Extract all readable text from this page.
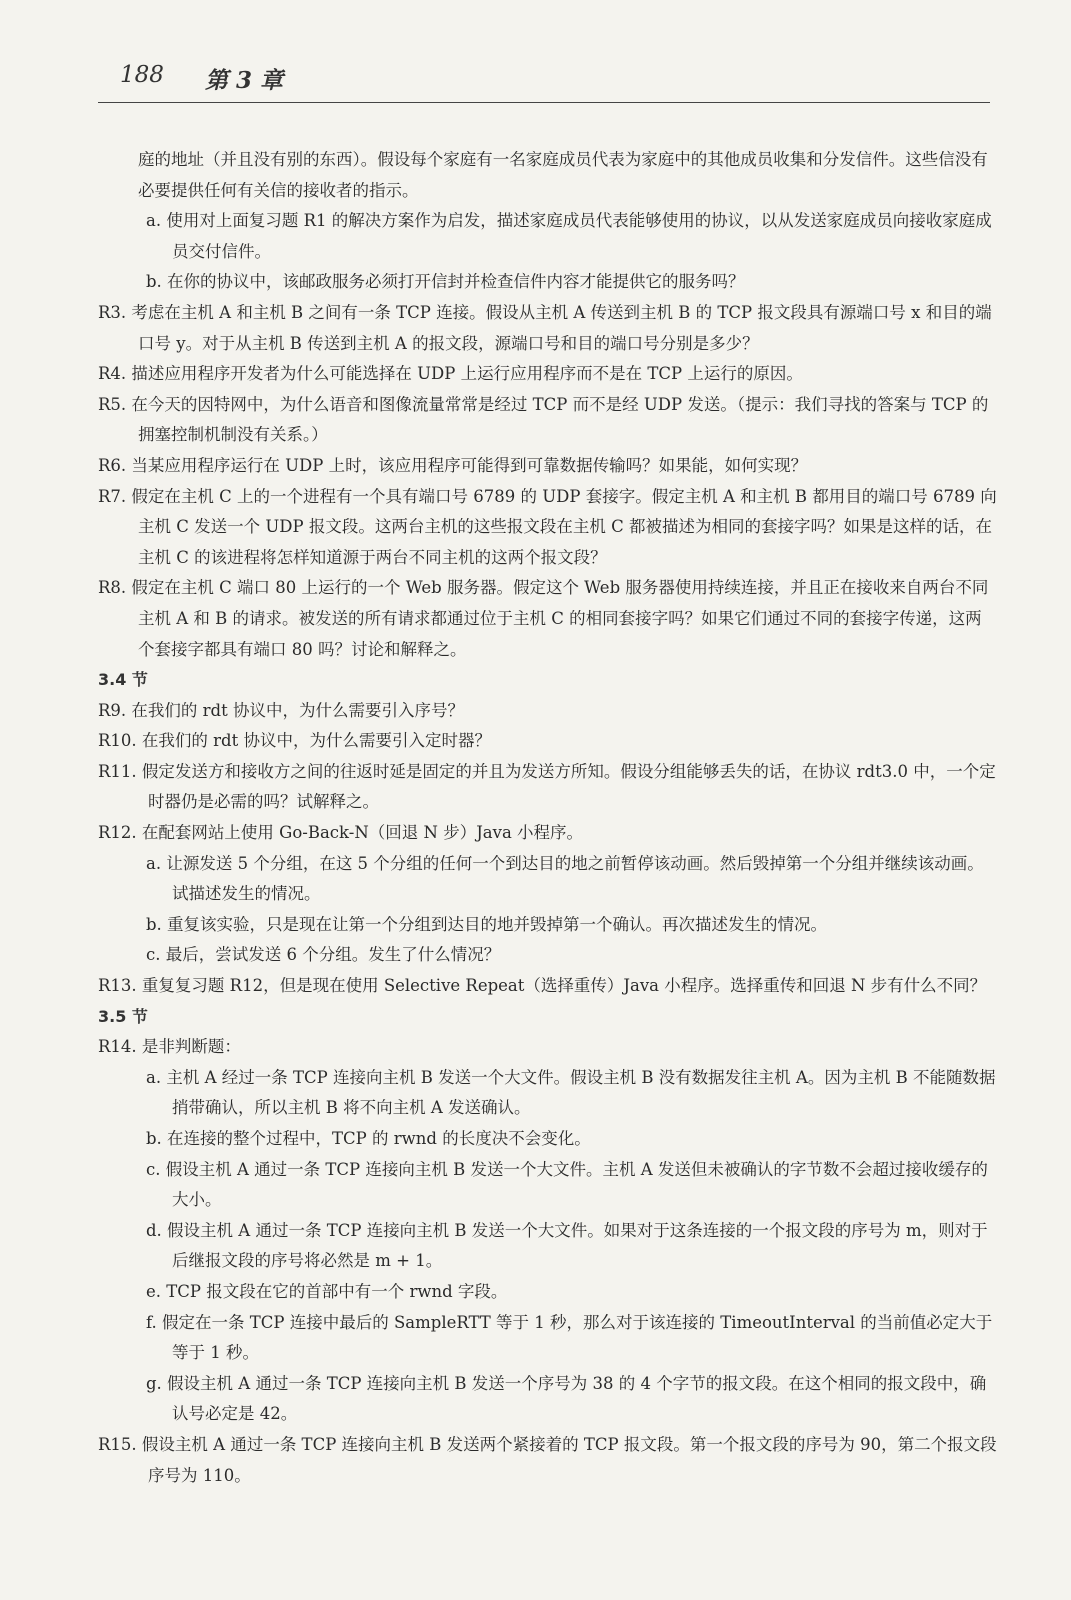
188 第 3 章

庭的地址（并且没有别的东西）。假设每个家庭有一名家庭成员代表为家庭中的其他成员收集和分发信件。这些信没有必要提供任何有关信的接收者的指示。

a. 使用对上面复习题 R1 的解决方案作为启发，描述家庭成员代表能够使用的协议，以从发送家庭成员向接收家庭成员交付信件。

b. 在你的协议中，该邮政服务必须打开信封并检查信件内容才能提供它的服务吗？

R3. 考虑在主机 A 和主机 B 之间有一条 TCP 连接。假设从主机 A 传送到主机 B 的 TCP 报文段具有源端口号 x 和目的端口号 y。对于从主机 B 传送到主机 A 的报文段，源端口号和目的端口号分别是多少？

R4. 描述应用程序开发者为什么可能选择在 UDP 上运行应用程序而不是在 TCP 上运行的原因。

R5. 在今天的因特网中，为什么语音和图像流量常常是经过 TCP 而不是经 UDP 发送。（提示：我们寻找的答案与 TCP 的拥塞控制机制没有关系。）

R6. 当某应用程序运行在 UDP 上时，该应用程序可能得到可靠数据传输吗？如果能，如何实现？

R7. 假定在主机 C 上的一个进程有一个具有端口号 6789 的 UDP 套接字。假定主机 A 和主机 B 都用目的端口号 6789 向主机 C 发送一个 UDP 报文段。这两台主机的这些报文段在主机 C 都被描述为相同的套接字吗？如果是这样的话，在主机 C 的该进程将怎样知道源于两台不同主机的这两个报文段？

R8. 假定在主机 C 端口 80 上运行的一个 Web 服务器。假定这个 Web 服务器使用持续连接，并且正在接收来自两台不同主机 A 和 B 的请求。被发送的所有请求都通过位于主机 C 的相同套接字吗？如果它们通过不同的套接字传递，这两个套接字都具有端口 80 吗？讨论和解释之。

3.4 节

R9. 在我们的 rdt 协议中，为什么需要引入序号？

R10. 在我们的 rdt 协议中，为什么需要引入定时器？

R11. 假定发送方和接收方之间的往返时延是固定的并且为发送方所知。假设分组能够丢失的话，在协议 rdt3.0 中，一个定时器仍是必需的吗？试解释之。

R12. 在配套网站上使用 Go-Back-N（回退 N 步）Java 小程序。

a. 让源发送 5 个分组，在这 5 个分组的任何一个到达目的地之前暂停该动画。然后毁掉第一个分组并继续该动画。试描述发生的情况。

b. 重复该实验，只是现在让第一个分组到达目的地并毁掉第一个确认。再次描述发生的情况。

c. 最后，尝试发送 6 个分组。发生了什么情况？

R13. 重复复习题 R12，但是现在使用 Selective Repeat（选择重传）Java 小程序。选择重传和回退 N 步有什么不同？

3.5 节

R14. 是非判断题：

a. 主机 A 经过一条 TCP 连接向主机 B 发送一个大文件。假设主机 B 没有数据发往主机 A。因为主机 B 不能随数据捎带确认，所以主机 B 将不向主机 A 发送确认。

b. 在连接的整个过程中，TCP 的 rwnd 的长度决不会变化。

c. 假设主机 A 通过一条 TCP 连接向主机 B 发送一个大文件。主机 A 发送但未被确认的字节数不会超过接收缓存的大小。

d. 假设主机 A 通过一条 TCP 连接向主机 B 发送一个大文件。如果对于这条连接的一个报文段的序号为 m，则对于后继报文段的序号将必然是 m + 1。

e. TCP 报文段在它的首部中有一个 rwnd 字段。

f. 假定在一条 TCP 连接中最后的 SampleRTT 等于 1 秒，那么对于该连接的 TimeoutInterval 的当前值必定大于等于 1 秒。

g. 假设主机 A 通过一条 TCP 连接向主机 B 发送一个序号为 38 的 4 个字节的报文段。在这个相同的报文段中，确认号必定是 42。

R15. 假设主机 A 通过一条 TCP 连接向主机 B 发送两个紧接着的 TCP 报文段。第一个报文段的序号为 90，第二个报文段序号为 110。
